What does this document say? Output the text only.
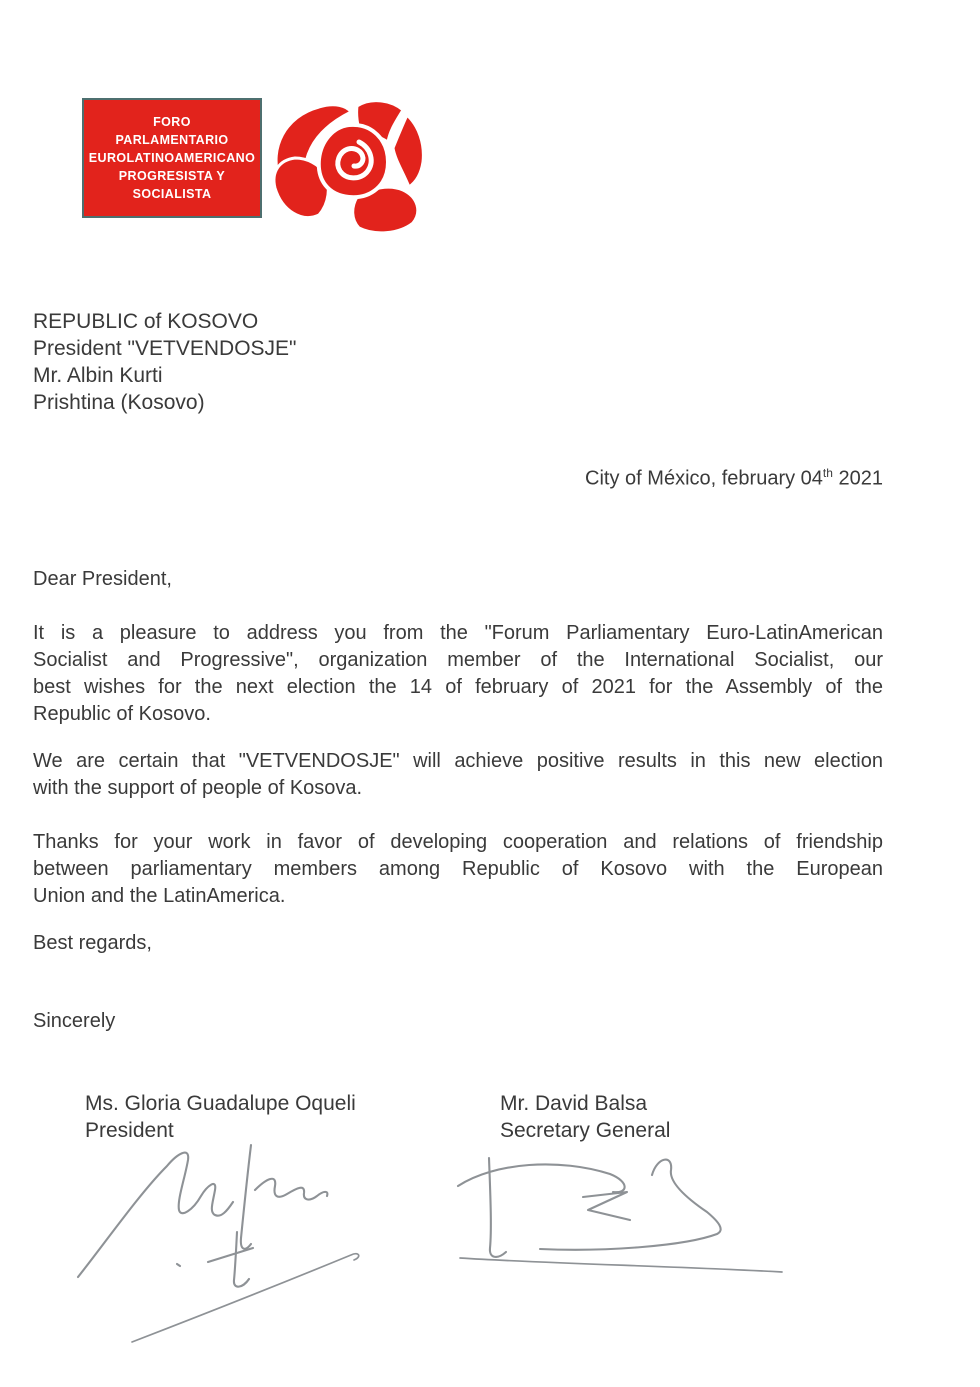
FORO
PARLAMENTARIO
EUROLATINOAMERICANO
PROGRESISTA Y
SOCIALISTA
REPUBLIC of KOSOVO
President "VETVENDOSJE"
Mr. Albin Kurti
Prishtina (Kosovo)
City of México, february 04th 2021
Dear President,
It is a pleasure to address you from the "Forum Parliamentary Euro-LatinAmerican
Socialist and Progressive", organization member of the International Socialist, our
best wishes for the next election the 14 of february of 2021 for the Assembly of the
Republic of Kosovo.
We are certain that "VETVENDOSJE" will achieve positive results in this new election
with the support of people of Kosova.
Thanks for your work in favor of developing cooperation and relations of friendship
between parliamentary members among Republic of Kosovo with the European
Union and the LatinAmerica.
Best regards,
Sincerely
Ms. Gloria Guadalupe Oqueli
President
Mr. David Balsa
Secretary General
